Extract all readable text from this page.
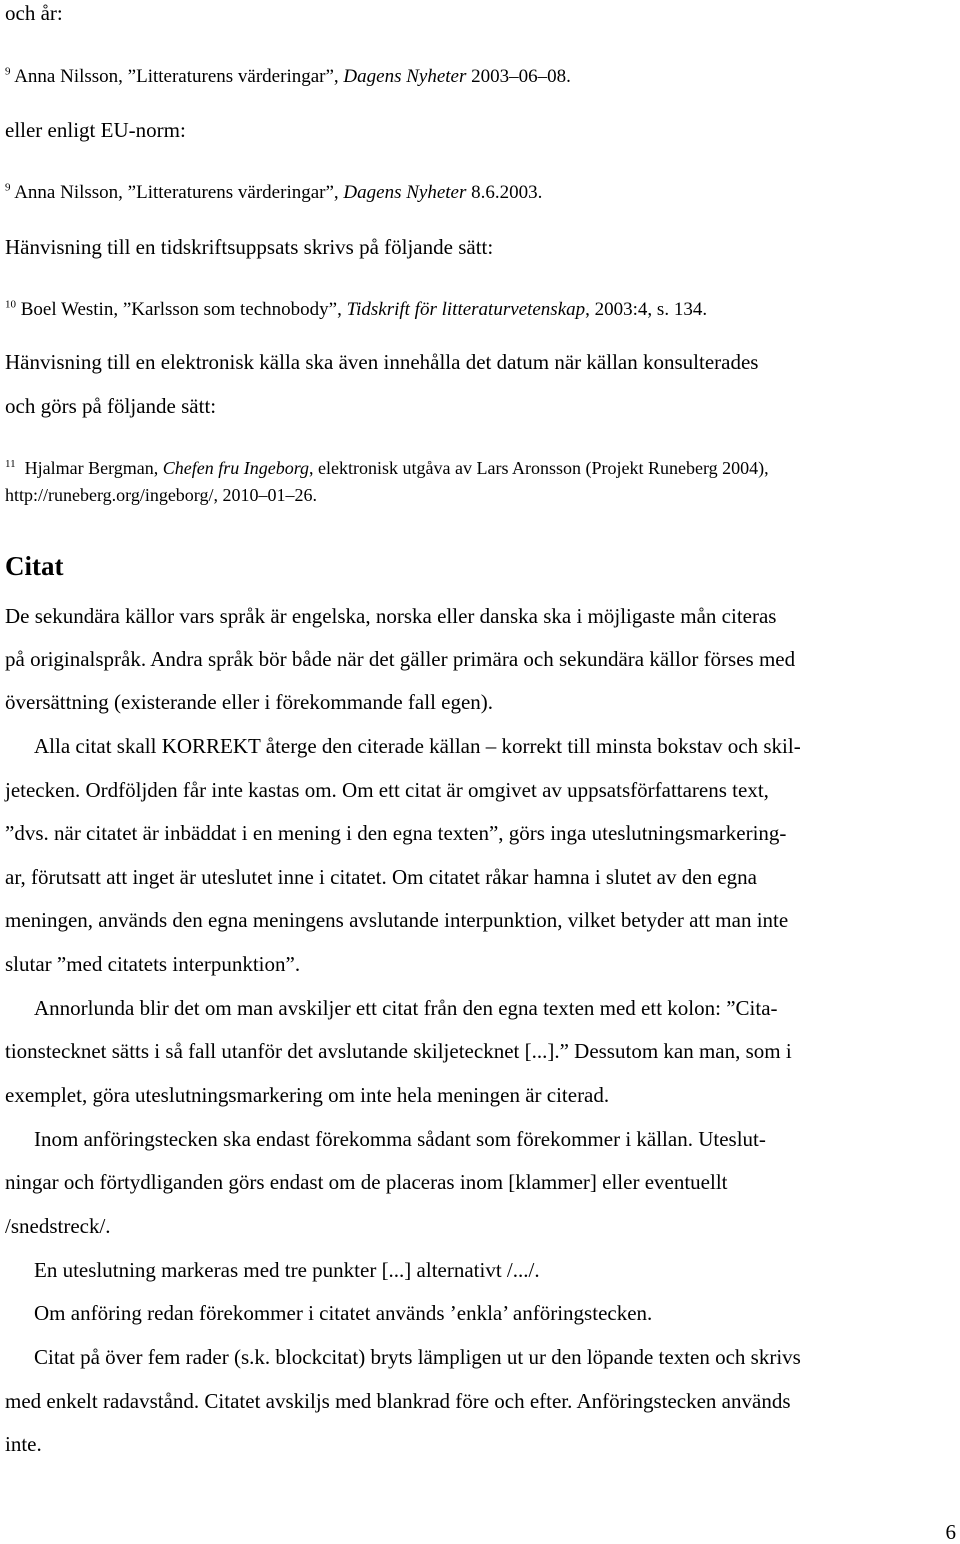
och år:
$^9$ Anna Nilsson, ”Litteraturens värderingar”, Dagens Nyheter 2003–06–08.
eller enligt EU-norm:
$^9$ Anna Nilsson, ”Litteraturens värderingar”, Dagens Nyheter 8.6.2003.
Hänvisning till en tidskriftsuppsats skrivs på följande sätt:
$^{10}$ Boel Westin, ”Karlsson som technobody”, Tidskrift för litteraturvetenskap, 2003:4, s. 134.
Hänvisning till en elektronisk källa ska även innehålla det datum när källan konsulterades
och görs på följande sätt:
$^{11}$ Hjalmar Bergman, Chefen fru Ingeborg, elektronisk utgåva av Lars Aronsson (Projekt Runeberg 2004),
http://runeberg.org/ingeborg/, 2010–01–26.
Citat
De sekundära källor vars språk är engelska, norska eller danska ska i möjligaste mån citeras
på originalspråk. Andra språk bör både när det gäller primära och sekundära källor förses med
översättning (existerande eller i förekommande fall egen).
Alla citat skall KORREKT återge den citerade källan – korrekt till minsta bokstav och skil-
jetecken. Ordföljden får inte kastas om. Om ett citat är omgivet av uppsatsförfattarens text,
”dvs. när citatet är inbäddat i en mening i den egna texten”, görs inga uteslutningsmarkering-
ar, förutsatt att inget är uteslutet inne i citatet. Om citatet råkar hamna i slutet av den egna
meningen, används den egna meningens avslutande interpunktion, vilket betyder att man inte
slutar ”med citatets interpunktion”.
Annorlunda blir det om man avskiljer ett citat från den egna texten med ett kolon: ”Cita-
tionstecknet sätts i så fall utanför det avslutande skiljetecknet [...].” Dessutom kan man, som i
exemplet, göra uteslutningsmarkering om inte hela meningen är citerad.
Inom anföringstecken ska endast förekomma sådant som förekommer i källan. Uteslut-
ningar och förtydliganden görs endast om de placeras inom [klammer] eller eventuellt
/snedstreck/.
En uteslutning markeras med tre punkter [...] alternativt /.../.
Om anföring redan förekommer i citatet används ’enkla’ anföringstecken.
Citat på över fem rader (s.k. blockcitat) bryts lämpligen ut ur den löpande texten och skrivs
med enkelt radavstånd. Citatet avskiljs med blankrad före och efter. Anföringstecken används
inte.
6
